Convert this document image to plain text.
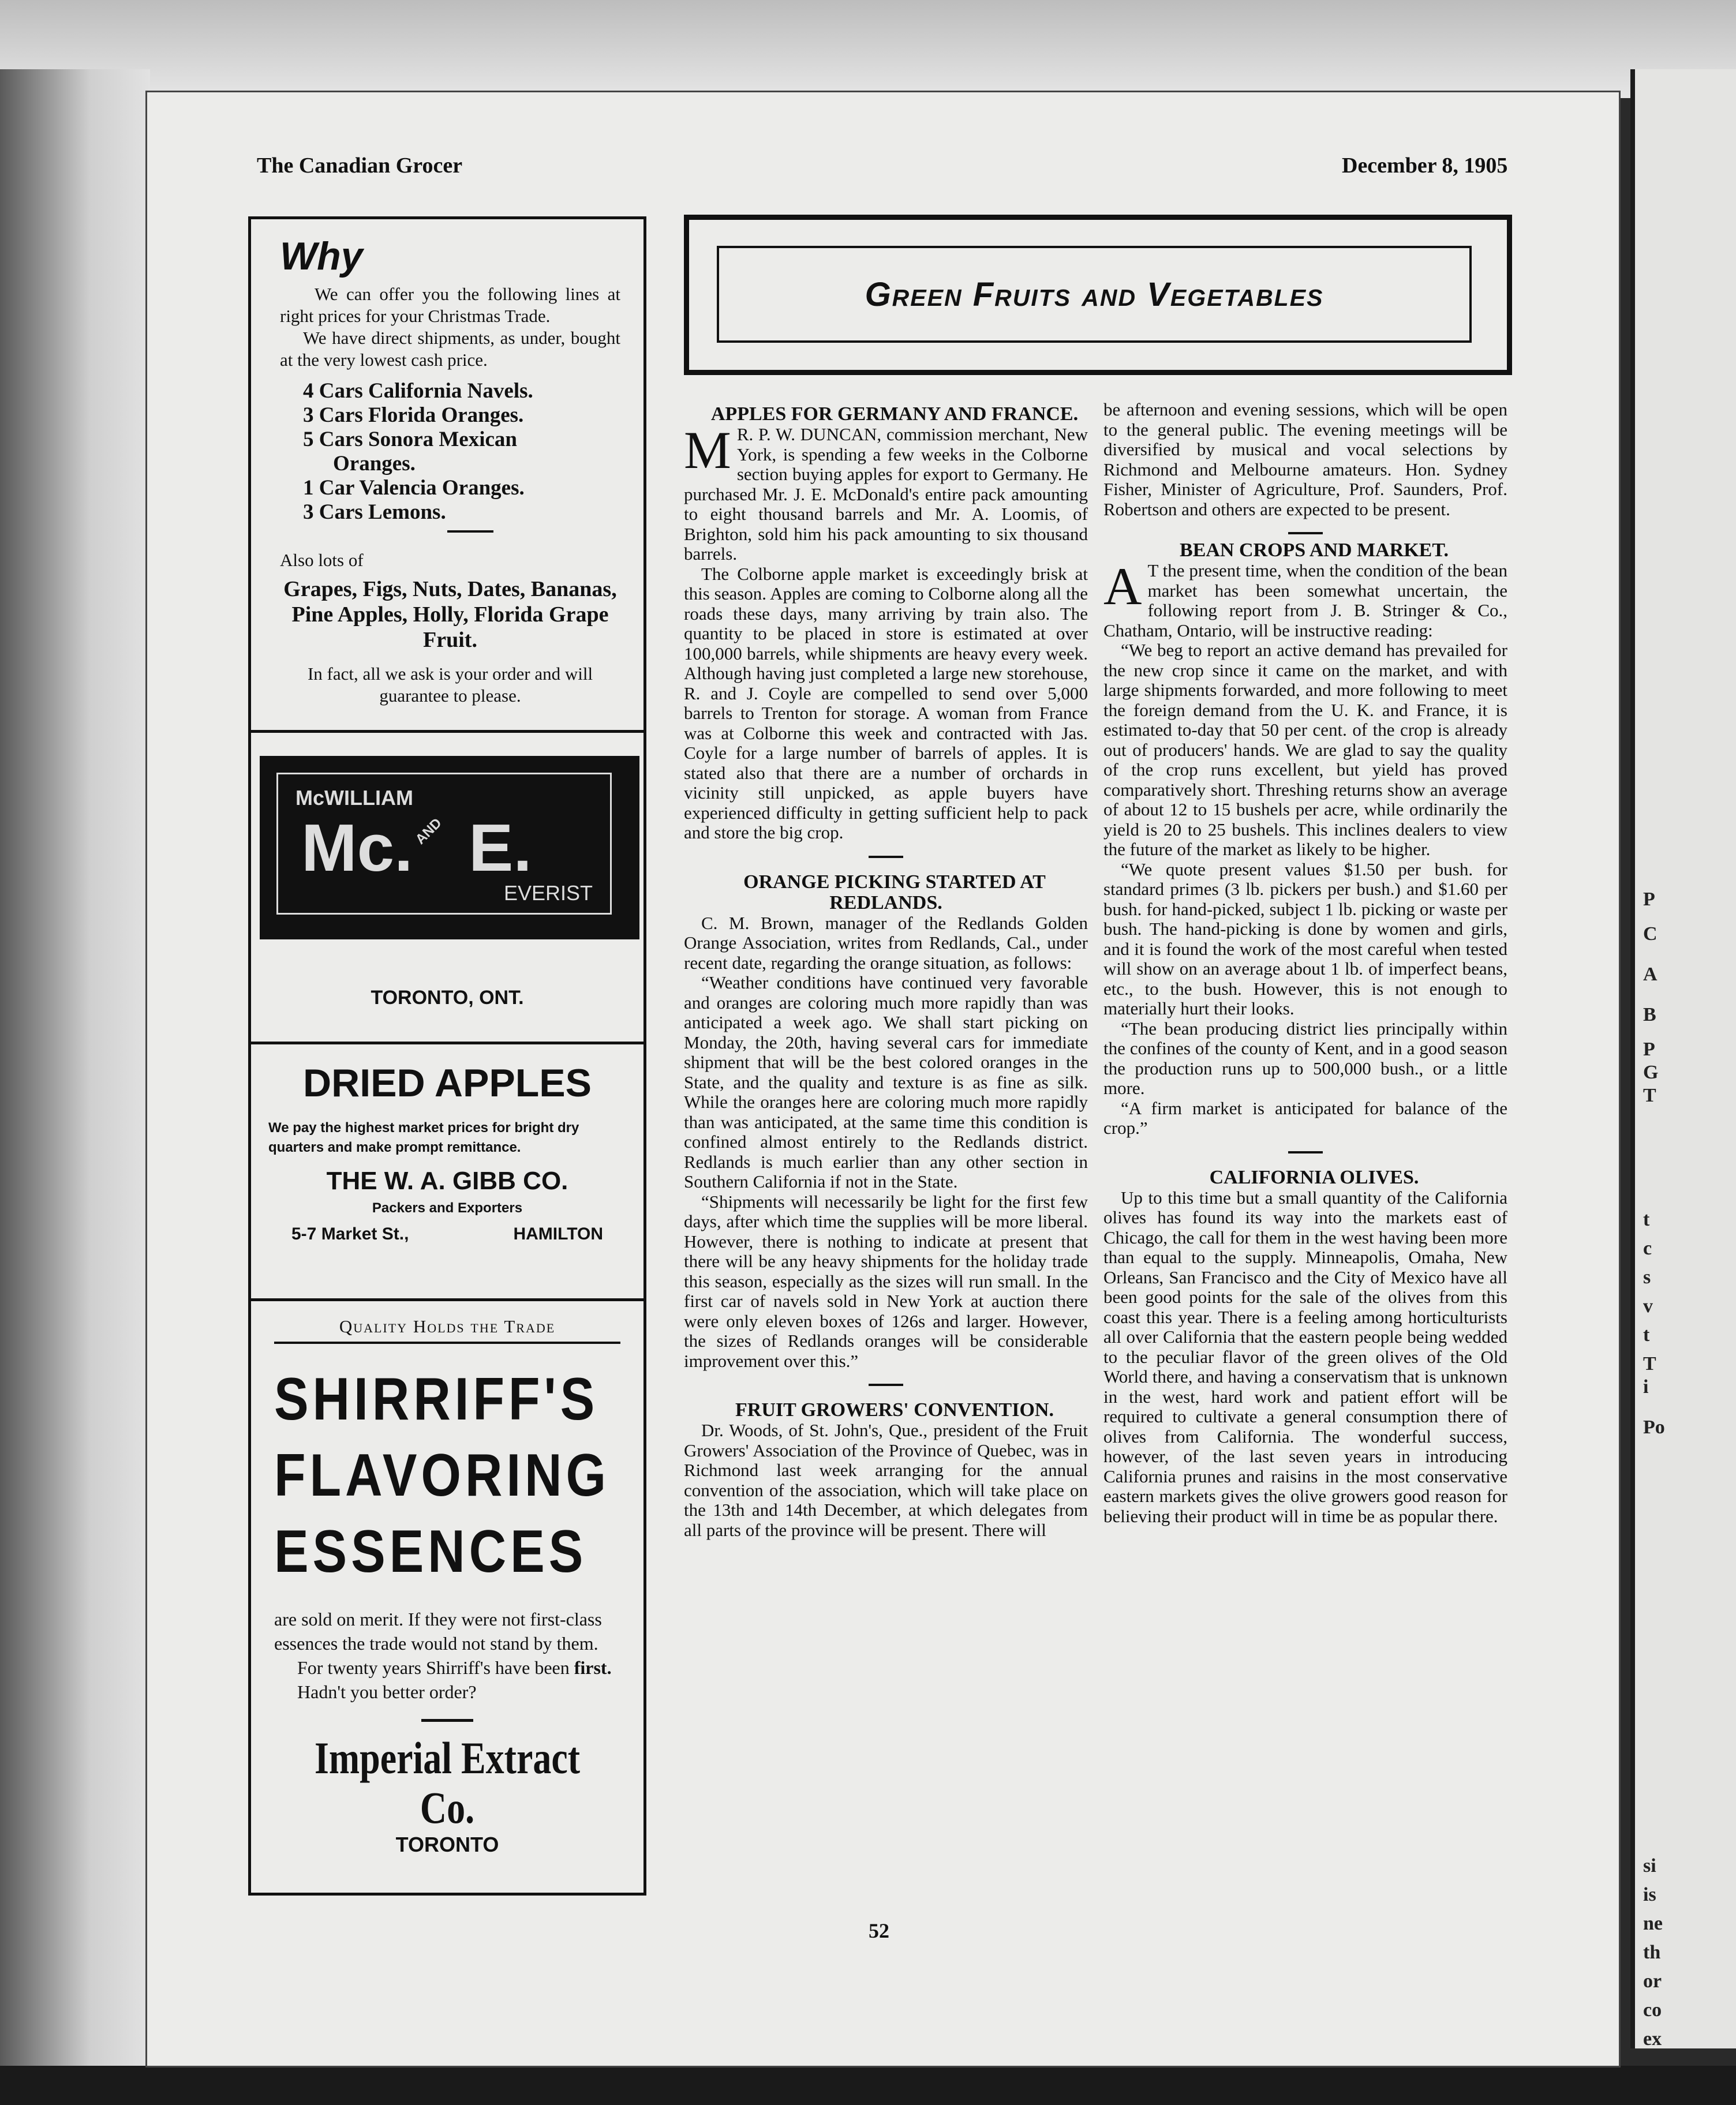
P
C
A
B
P
G
T
t
c
s
v
t
T
i
Po
si
is
ne
th
or
co
ex
The Canadian Grocer	December 8, 1905
Why

We can offer you the following lines at right prices for your Christmas Trade.

We have direct shipments, as under, bought at the very lowest cash price.

4 Cars California Navels.
3 Cars Florida Oranges.
5 Cars Sonora Mexican
Oranges.
1 Car Valencia Oranges.
3 Cars Lemons.

Also lots of

Grapes, Figs, Nuts, Dates, Bananas, Pine Apples, Holly, Florida Grape Fruit.

In fact, all we ask is your order and will guarantee to please.

McWILLIAM
Mc. AND E.
EVERIST
TORONTO, ONT.
DRIED APPLES

We pay the highest market prices for bright dry quarters and make prompt remittance.

THE W. A. GIBB CO.
Packers and Exporters
5-7 Market St.,	HAMILTON
Quality Holds the Trade

SHIRRIFF'S

FLAVORING

ESSENCES

are sold on merit. If they were not first-class essences the trade would not stand by them.

For twenty years Shirriff's have been first.

Hadn't you better order?

Imperial Extract Co.

TORONTO

Green Fruits and Vegetables

APPLES FOR GERMANY AND FRANCE.

M R. P. W. DUNCAN, commission merchant, New York, is spending a few weeks in the Colborne section buying apples for export to Germany. He purchased Mr. J. E. McDonald's entire pack amounting to eight thousand barrels and Mr. A. Loomis, of Brighton, sold him his pack amounting to six thousand barrels.

The Colborne apple market is exceedingly brisk at this season. Apples are coming to Colborne along all the roads these days, many arriving by train also. The quantity to be placed in store is estimated at over 100,000 barrels, while shipments are heavy every week. Although having just completed a large new storehouse, R. and J. Coyle are compelled to send over 5,000 barrels to Trenton for storage. A woman from France was at Colborne this week and contracted with Jas. Coyle for a large number of barrels of apples. It is stated also that there are a number of orchards in vicinity still unpicked, as apple buyers have experienced difficulty in getting sufficient help to pack and store the big crop.

ORANGE PICKING STARTED AT REDLANDS.

C. M. Brown, manager of the Redlands Golden Orange Association, writes from Redlands, Cal., under recent date, regarding the orange situation, as follows:

“Weather conditions have continued very favorable and oranges are coloring much more rapidly than was anticipated a week ago. We shall start picking on Monday, the 20th, having several cars for immediate shipment that will be the best colored oranges in the State, and the quality and texture is as fine as silk. While the oranges here are coloring much more rapidly than was anticipated, at the same time this condition is confined almost entirely to the Redlands district. Redlands is much earlier than any other section in Southern California if not in the State.

“Shipments will necessarily be light for the first few days, after which time the supplies will be more liberal. However, there is nothing to indicate at present that there will be any heavy shipments for the holiday trade this season, especially as the sizes will run small. In the first car of navels sold in New York at auction there were only eleven boxes of 126s and larger. However, the sizes of Redlands oranges will be considerable improvement over this.”

FRUIT GROWERS' CONVENTION.

Dr. Woods, of St. John's, Que., president of the Fruit Growers' Association of the Province of Quebec, was in Richmond last week arranging for the annual convention of the association, which will take place on the 13th and 14th December, at which delegates from all parts of the province will be present. There will

be afternoon and evening sessions, which will be open to the general public. The evening meetings will be diversified by musical and vocal selections by Richmond and Melbourne amateurs. Hon. Sydney Fisher, Minister of Agriculture, Prof. Saunders, Prof. Robertson and others are expected to be present.

BEAN CROPS AND MARKET.

A T the present time, when the condition of the bean market has been somewhat uncertain, the following report from J. B. Stringer & Co., Chatham, Ontario, will be instructive reading:

“We beg to report an active demand has prevailed for the new crop since it came on the market, and with large shipments forwarded, and more following to meet the foreign demand from the U. K. and France, it is estimated to-day that 50 per cent. of the crop is already out of producers' hands. We are glad to say the quality of the crop runs excellent, but yield has proved comparatively short. Threshing returns show an average of about 12 to 15 bushels per acre, while ordinarily the yield is 20 to 25 bushels. This inclines dealers to view the future of the market as likely to be higher.

“We quote present values $1.50 per bush. for standard primes (3 lb. pickers per bush.) and $1.60 per bush. for hand-picked, subject 1 lb. picking or waste per bush. The hand-picking is done by women and girls, and it is found the work of the most careful when tested will show on an average about 1 lb. of imperfect beans, etc., to the bush. However, this is not enough to materially hurt their looks.

“The bean producing district lies principally within the confines of the county of Kent, and in a good season the production runs up to 500,000 bush., or a little more.

“A firm market is anticipated for balance of the crop.”

CALIFORNIA OLIVES.

Up to this time but a small quantity of the California olives has found its way into the markets east of Chicago, the call for them in the west having been more than equal to the supply. Minneapolis, Omaha, New Orleans, San Francisco and the City of Mexico have all been good points for the sale of the olives from this coast this year. There is a feeling among horticulturists all over California that the eastern people being wedded to the peculiar flavor of the green olives of the Old World there, and having a conservatism that is unknown in the west, hard work and patient effort will be required to cultivate a general consumption there of olives from California. The wonderful success, however, of the last seven years in introducing California prunes and raisins in the most conservative eastern markets gives the olive growers good reason for believing their product will in time be as popular there.

52
